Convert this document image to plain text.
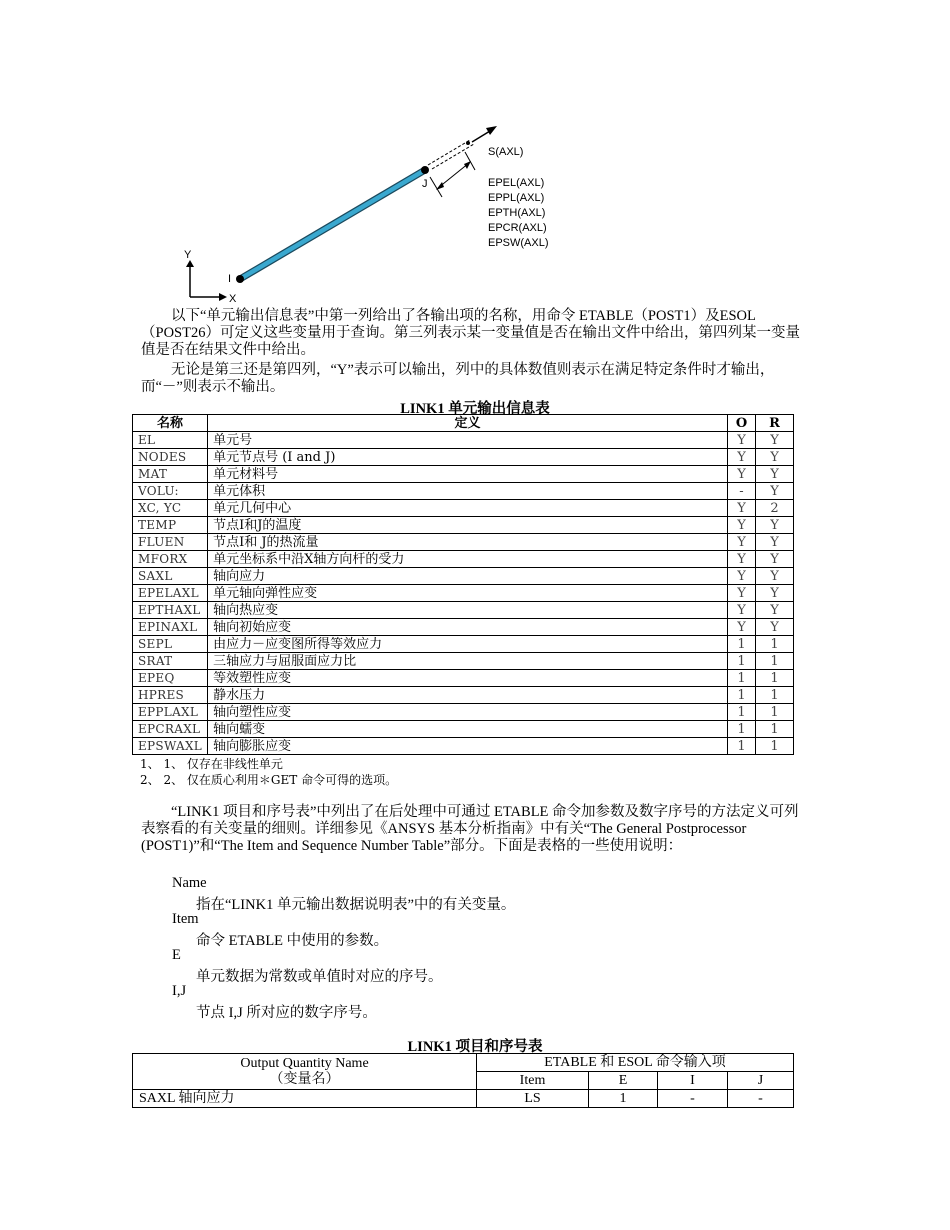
Y
X
I
J
S(AXL)
EPEL(AXL)
EPPL(AXL)
EPTH(AXL)
EPCR(AXL)
EPSW(AXL)
以下“单元输出信息表”中第一列给出了各输出项的名称，用命令 ETABLE（POST1）及ESOL（POST26）可定义这些变量用于查询。第三列表示某一变量值是否在输出文件中给出，第四列某一变量值是否在结果文件中给出。
无论是第三还是第四列，“Y”表示可以输出，列中的具体数值则表示在满足特定条件时才输出，而“－”则表示不输出。
LINK1 单元输出信息表
名称	定义	O	R
EL	单元号	Y	Y
NODES	单元节点号 (I and J)	Y	Y
MAT	单元材料号	Y	Y
VOLU:	单元体积	-	Y
XC, YC	单元几何中心	Y	2
TEMP	节点I和J的温度	Y	Y
FLUEN	节点I和 J的热流量	Y	Y
MFORX	单元坐标系中沿X轴方向杆的受力	Y	Y
SAXL	轴向应力	Y	Y
EPELAXL	单元轴向弹性应变	Y	Y
EPTHAXL	轴向热应变	Y	Y
EPINAXL	轴向初始应变	Y	Y
SEPL	由应力－应变图所得等效应力	1	1
SRAT	三轴应力与屈服面应力比	1	1
EPEQ	等效塑性应变	1	1
HPRES	静水压力	1	1
EPPLAXL	轴向塑性应变	1	1
EPCRAXL	轴向蠕变	1	1
EPSWAXL	轴向膨胀应变	1	1
1、 1、 仅存在非线性单元
2、 2、 仅在质心利用＊GET 命令可得的选项。
“LINK1 项目和序号表”中列出了在后处理中可通过 ETABLE 命令加参数及数字序号的方法定义可列表察看的有关变量的细则。详细参见《ANSYS 基本分析指南》中有关“The General Postprocessor (POST1)”和“The Item and Sequence Number Table”部分。下面是表格的一些使用说明：
Name
指在“LINK1 单元输出数据说明表”中的有关变量。
Item
命令 ETABLE 中使用的参数。
E
单元数据为常数或单值时对应的序号。
I,J
节点 I,J 所对应的数字序号。
LINK1 项目和序号表
Output Quantity Name
（变量名）	ETABLE 和 ESOL 命令输入项			
	Item	E	I	J
SAXL 轴向应力	LS	1	-	-
